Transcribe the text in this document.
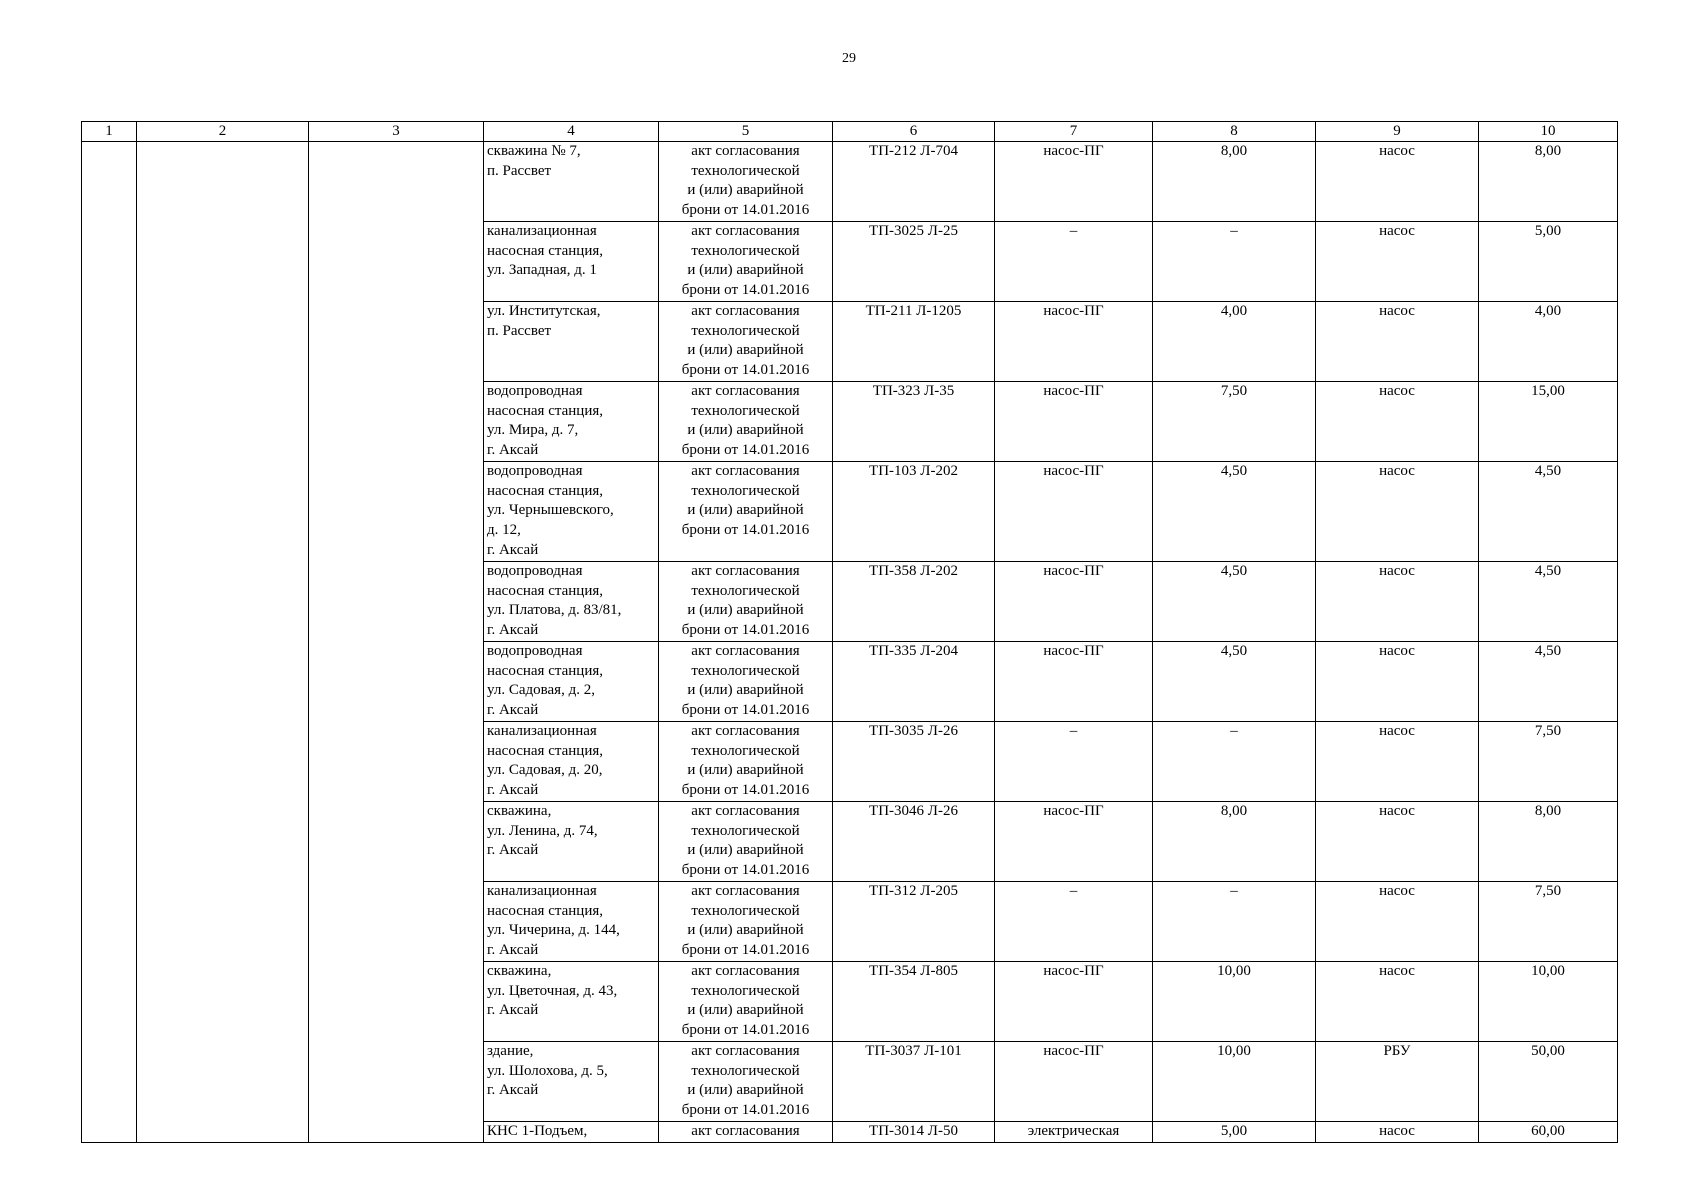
29
1	2	3	4	5	6	7	8	9	10
			скважина № 7,
п. Рассвет	акт согласования
технологической
и (или) аварийной
брони от 14.01.2016	ТП-212 Л-704	насос-ПГ	8,00	насос	8,00
			канализационная
насосная станция,
ул. Западная, д. 1	акт согласования
технологической
и (или) аварийной
брони от 14.01.2016	ТП-3025 Л-25	–	–	насос	5,00
			ул. Институтская,
п. Рассвет	акт согласования
технологической
и (или) аварийной
брони от 14.01.2016	ТП-211 Л-1205	насос-ПГ	4,00	насос	4,00
			водопроводная
насосная станция,
ул. Мира, д. 7,
г. Аксай	акт согласования
технологической
и (или) аварийной
брони от 14.01.2016	ТП-323 Л-35	насос-ПГ	7,50	насос	15,00
			водопроводная
насосная станция,
ул. Чернышевского,
д. 12,
г. Аксай	акт согласования
технологической
и (или) аварийной
брони от 14.01.2016	ТП-103 Л-202	насос-ПГ	4,50	насос	4,50
			водопроводная
насосная станция,
ул. Платова, д. 83/81,
г. Аксай	акт согласования
технологической
и (или) аварийной
брони от 14.01.2016	ТП-358 Л-202	насос-ПГ	4,50	насос	4,50
			водопроводная
насосная станция,
ул. Садовая, д. 2,
г. Аксай	акт согласования
технологической
и (или) аварийной
брони от 14.01.2016	ТП-335 Л-204	насос-ПГ	4,50	насос	4,50
			канализационная
насосная станция,
ул. Садовая, д. 20,
г. Аксай	акт согласования
технологической
и (или) аварийной
брони от 14.01.2016	ТП-3035 Л-26	–	–	насос	7,50
			скважина,
ул. Ленина, д. 74,
г. Аксай	акт согласования
технологической
и (или) аварийной
брони от 14.01.2016	ТП-3046 Л-26	насос-ПГ	8,00	насос	8,00
			канализационная
насосная станция,
ул. Чичерина, д. 144,
г. Аксай	акт согласования
технологической
и (или) аварийной
брони от 14.01.2016	ТП-312 Л-205	–	–	насос	7,50
			скважина,
ул. Цветочная, д. 43,
г. Аксай	акт согласования
технологической
и (или) аварийной
брони от 14.01.2016	ТП-354 Л-805	насос-ПГ	10,00	насос	10,00
			здание,
ул. Шолохова, д. 5,
г. Аксай	акт согласования
технологической
и (или) аварийной
брони от 14.01.2016	ТП-3037 Л-101	насос-ПГ	10,00	РБУ	50,00
			КНС 1-Подъем,	акт согласования	ТП-3014 Л-50	электрическая	5,00	насос	60,00
